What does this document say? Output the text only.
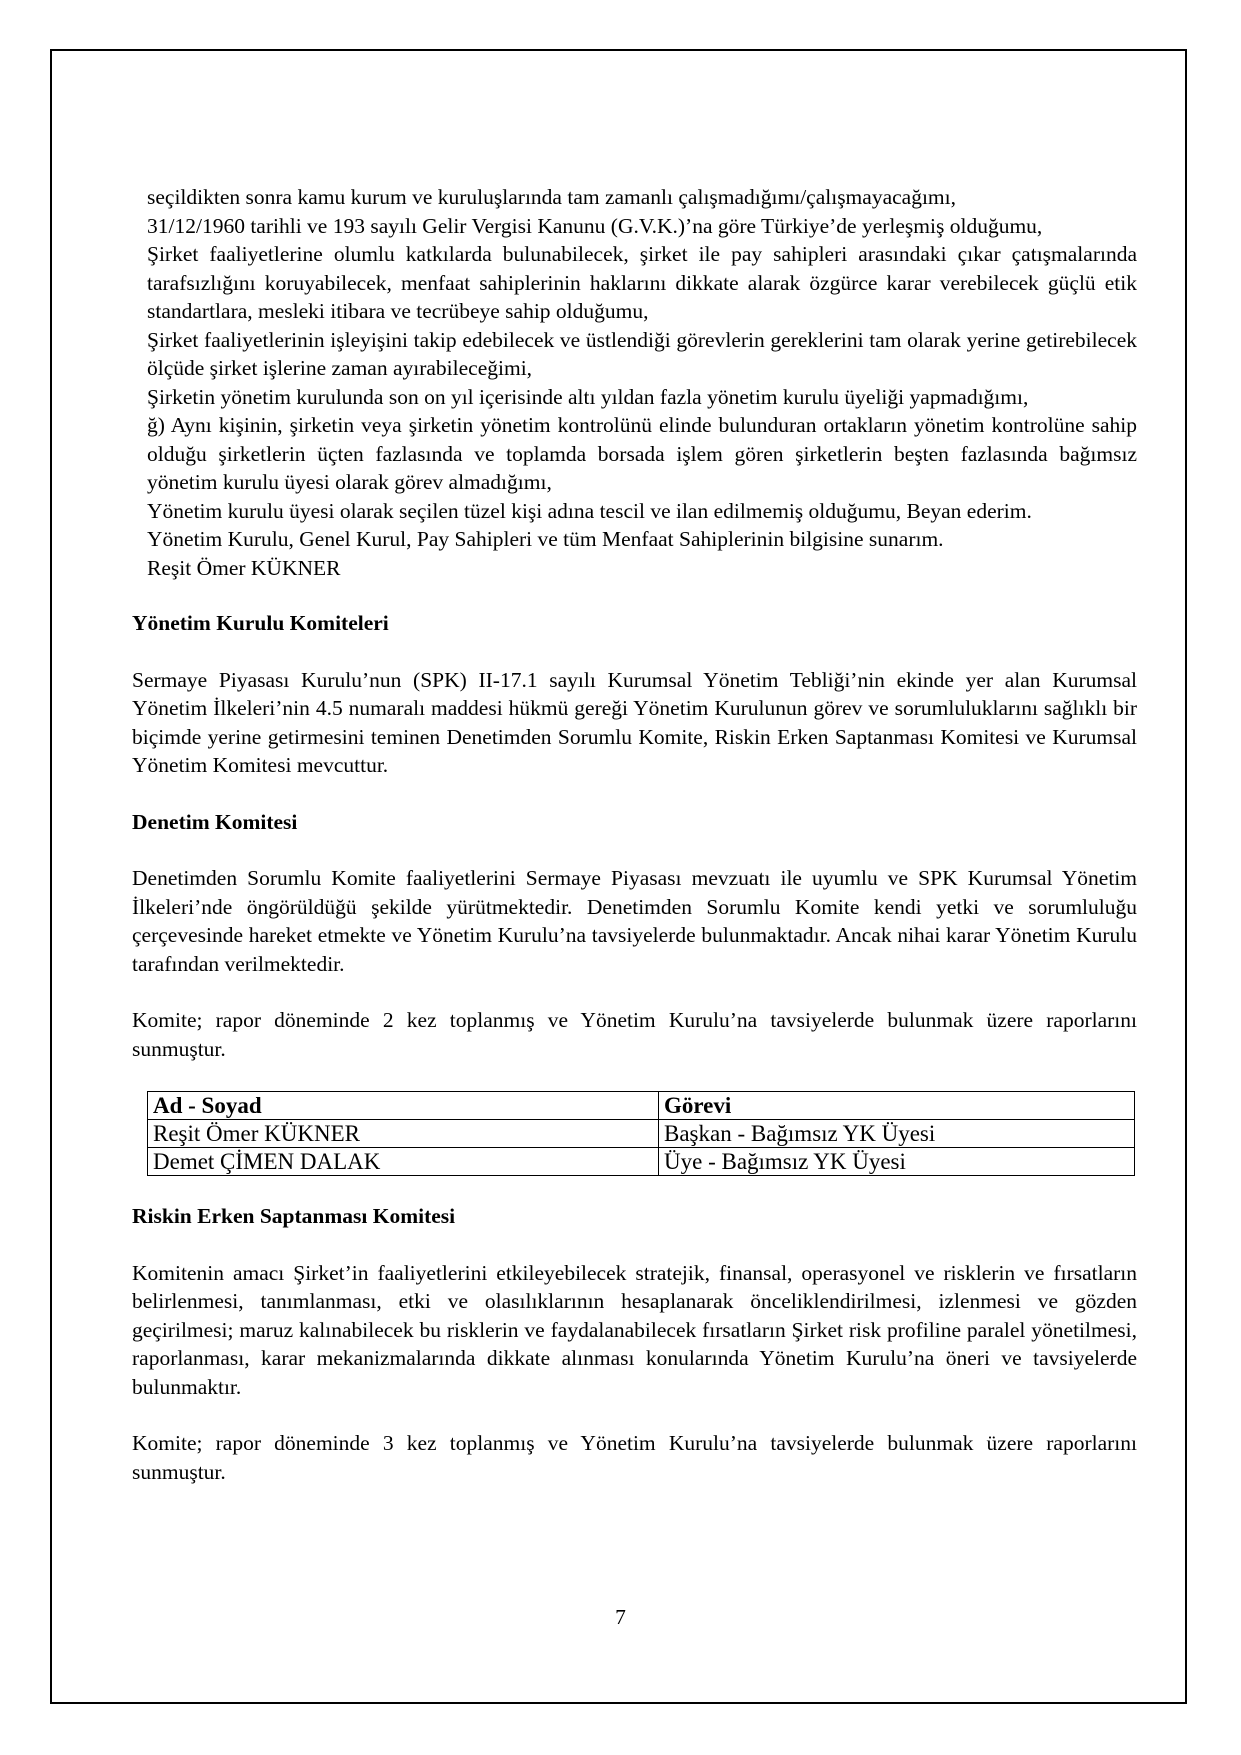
seçildikten sonra kamu kurum ve kuruluşlarında tam zamanlı çalışmadığımı/çalışmayacağımı,

31/12/1960 tarihli ve 193 sayılı Gelir Vergisi Kanunu (G.V.K.)’na göre Türkiye’de yerleşmiş olduğumu,

Şirket faaliyetlerine olumlu katkılarda bulunabilecek, şirket ile pay sahipleri arasındaki çıkar çatışmalarında tarafsızlığını koruyabilecek, menfaat sahiplerinin haklarını dikkate alarak özgürce karar verebilecek güçlü etik standartlara, mesleki itibara ve tecrübeye sahip olduğumu,

Şirket faaliyetlerinin işleyişini takip edebilecek ve üstlendiği görevlerin gereklerini tam olarak yerine getirebilecek ölçüde şirket işlerine zaman ayırabileceğimi,

Şirketin yönetim kurulunda son on yıl içerisinde altı yıldan fazla yönetim kurulu üyeliği yapmadığımı,

ğ) Aynı kişinin, şirketin veya şirketin yönetim kontrolünü elinde bulunduran ortakların yönetim kontrolüne sahip olduğu şirketlerin üçten fazlasında ve toplamda borsada işlem gören şirketlerin beşten fazlasında bağımsız yönetim kurulu üyesi olarak görev almadığımı,

Yönetim kurulu üyesi olarak seçilen tüzel kişi adına tescil ve ilan edilmemiş olduğumu, Beyan ederim.

Yönetim Kurulu, Genel Kurul, Pay Sahipleri ve tüm Menfaat Sahiplerinin bilgisine sunarım.

Reşit Ömer KÜKNER

Yönetim Kurulu Komiteleri

Sermaye Piyasası Kurulu’nun (SPK) II-17.1 sayılı Kurumsal Yönetim Tebliği’nin ekinde yer alan Kurumsal Yönetim İlkeleri’nin 4.5 numaralı maddesi hükmü gereği Yönetim Kurulunun görev ve sorumluluklarını sağlıklı bir biçimde yerine getirmesini teminen Denetimden Sorumlu Komite, Riskin Erken Saptanması Komitesi ve Kurumsal Yönetim Komitesi mevcuttur.

Denetim Komitesi

Denetimden Sorumlu Komite faaliyetlerini Sermaye Piyasası mevzuatı ile uyumlu ve SPK Kurumsal Yönetim İlkeleri’nde öngörüldüğü şekilde yürütmektedir. Denetimden Sorumlu Komite kendi yetki ve sorumluluğu çerçevesinde hareket etmekte ve Yönetim Kurulu’na tavsiyelerde bulunmaktadır. Ancak nihai karar Yönetim Kurulu tarafından verilmektedir.

Komite; rapor döneminde 2 kez toplanmış ve Yönetim Kurulu’na tavsiyelerde bulunmak üzere raporlarını sunmuştur.

Ad - Soyad	Görevi
Reşit Ömer KÜKNER	Başkan - Bağımsız YK Üyesi
Demet ÇİMEN DALAK	Üye - Bağımsız YK Üyesi
Riskin Erken Saptanması Komitesi

Komitenin amacı Şirket’in faaliyetlerini etkileyebilecek stratejik, finansal, operasyonel ve risklerin ve fırsatların belirlenmesi, tanımlanması, etki ve olasılıklarının hesaplanarak önceliklendirilmesi, izlenmesi ve gözden geçirilmesi; maruz kalınabilecek bu risklerin ve faydalanabilecek fırsatların Şirket risk profiline paralel yönetilmesi, raporlanması, karar mekanizmalarında dikkate alınması konularında Yönetim Kurulu’na öneri ve tavsiyelerde bulunmaktır.

Komite; rapor döneminde 3 kez toplanmış ve Yönetim Kurulu’na tavsiyelerde bulunmak üzere raporlarını sunmuştur.

7
